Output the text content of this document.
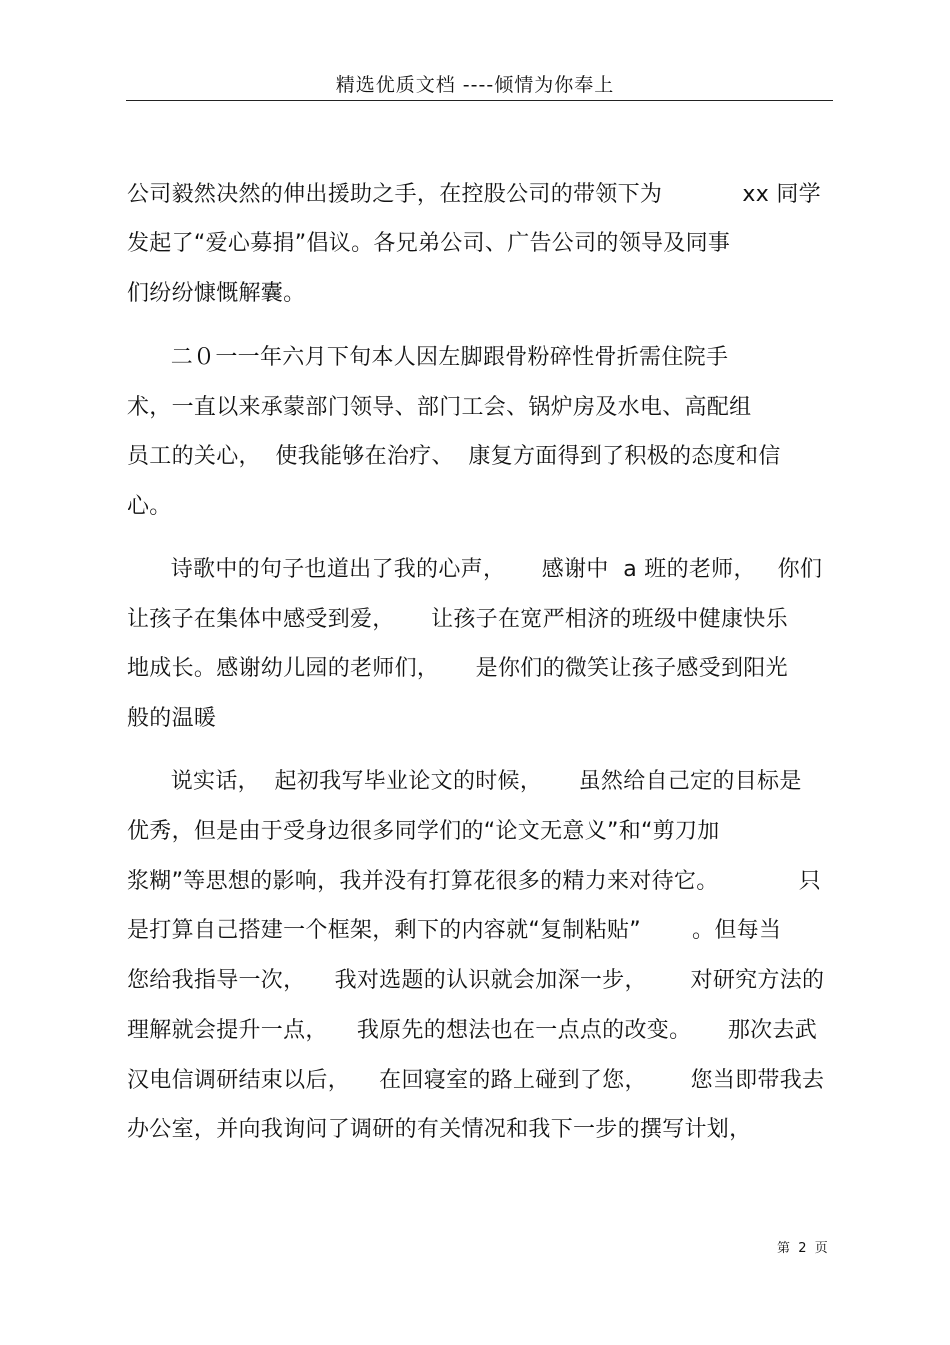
精选优质文档 ----倾情为你奉上
公司毅然决然的伸出援助之手，在控股公司的带领下为           xx 同学
发起了“爱心募捐”倡议。各兄弟公司、广告公司的领导及同事
们纷纷慷慨解囊。
二０一一年六月下旬本人因左脚跟骨粉碎性骨折需住院手
术，一直以来承蒙部门领导、部门工会、锅炉房及水电、高配组
员工的关心，  使我能够在治疗、  康复方面得到了积极的态度和信
心。
诗歌中的句子也道出了我的心声，     感谢中  a 班的老师，   你们
让孩子在集体中感受到爱，     让孩子在宽严相济的班级中健康快乐
地成长。感谢幼儿园的老师们，     是你们的微笑让孩子感受到阳光
般的温暖
说实话，  起初我写毕业论文的时候，     虽然给自己定的目标是
优秀，但是由于受身边很多同学们的“论文无意义”和“剪刀加
浆糊”等思想的影响，我并没有打算花很多的精力来对待它。           只
是打算自己搭建一个框架，剩下的内容就“复制粘贴”       。但每当
您给我指导一次，    我对选题的认识就会加深一步，      对研究方法的
理解就会提升一点，    我原先的想法也在一点点的改变。     那次去武
汉电信调研结束以后，    在回寝室的路上碰到了您，      您当即带我去
办公室，并向我询问了调研的有关情况和我下一步的撰写计划，
第  2  页
